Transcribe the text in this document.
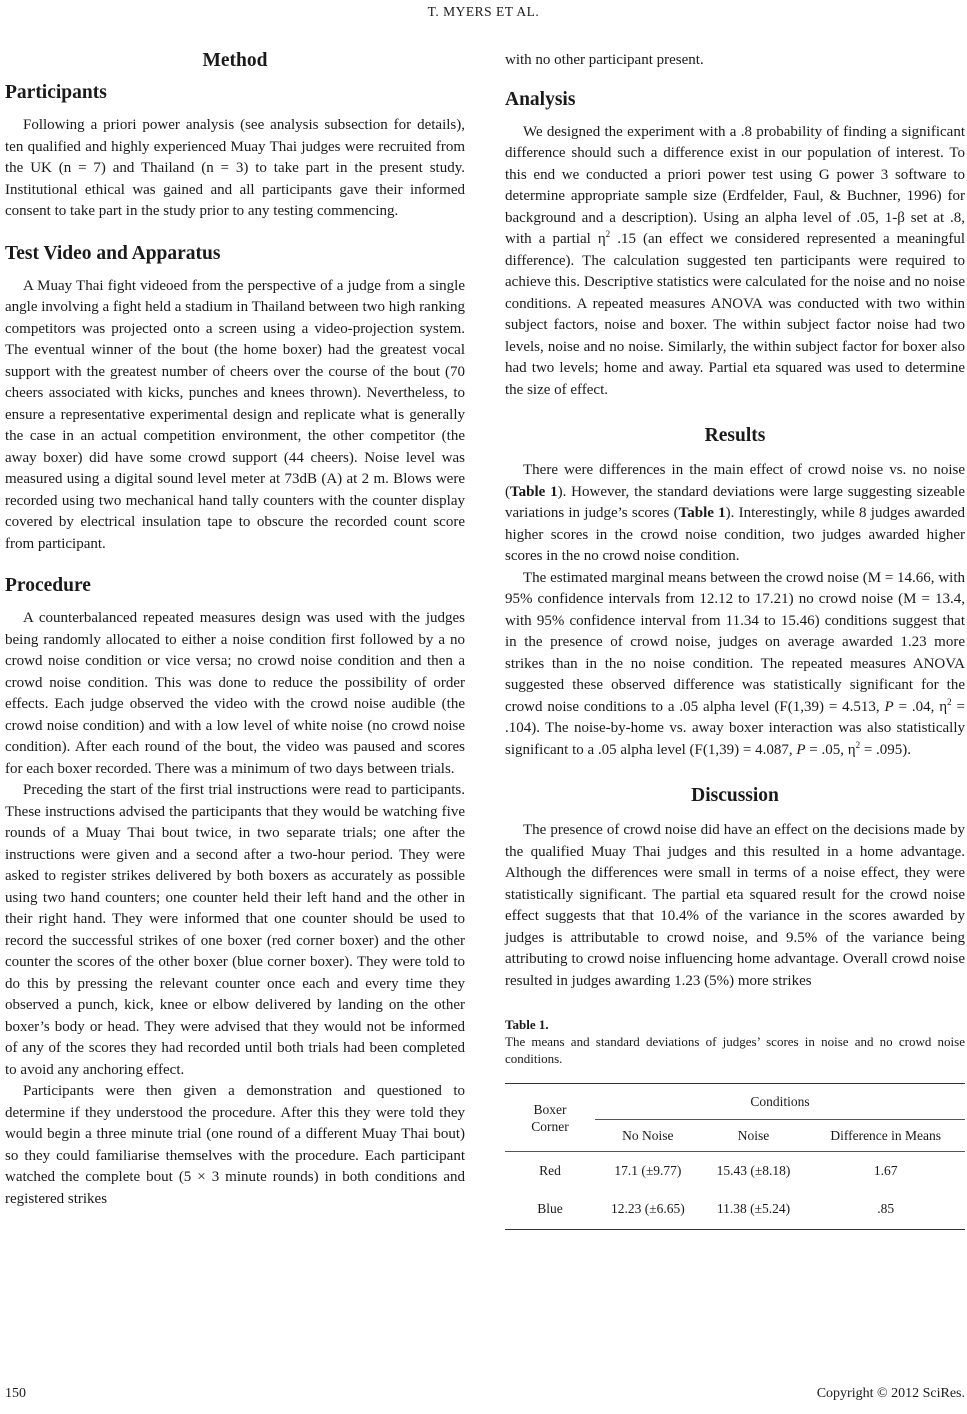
T. MYERS ET AL.
Method
Participants

Following a priori power analysis (see analysis subsection for details), ten qualified and highly experienced Muay Thai judges were recruited from the UK (n = 7) and Thailand (n = 3) to take part in the present study. Institutional ethical was gained and all participants gave their informed consent to take part in the study prior to any testing commencing.

Test Video and Apparatus

A Muay Thai fight videoed from the perspective of a judge from a single angle involving a fight held a stadium in Thailand between two high ranking competitors was projected onto a screen using a video-projection system. The eventual winner of the bout (the home boxer) had the greatest vocal support with the greatest number of cheers over the course of the bout (70 cheers associated with kicks, punches and knees thrown). Nevertheless, to ensure a representative experimental design and replicate what is generally the case in an actual competition environment, the other competitor (the away boxer) did have some crowd support (44 cheers). Noise level was measured using a digital sound level meter at 73dB (A) at 2 m. Blows were recorded using two mechanical hand tally counters with the counter display covered by electrical insulation tape to obscure the recorded count score from participant.

Procedure

A counterbalanced repeated measures design was used with the judges being randomly allocated to either a noise condition first followed by a no crowd noise condition or vice versa; no crowd noise condition and then a crowd noise condition. This was done to reduce the possibility of order effects. Each judge observed the video with the crowd noise audible (the crowd noise condition) and with a low level of white noise (no crowd noise condition). After each round of the bout, the video was paused and scores for each boxer recorded. There was a minimum of two days between trials.

Preceding the start of the first trial instructions were read to participants. These instructions advised the participants that they would be watching five rounds of a Muay Thai bout twice, in two separate trials; one after the instructions were given and a second after a two-hour period. They were asked to register strikes delivered by both boxers as accurately as possible using two hand counters; one counter held their left hand and the other in their right hand. They were informed that one counter should be used to record the successful strikes of one boxer (red corner boxer) and the other counter the scores of the other boxer (blue corner boxer). They were told to do this by pressing the relevant counter once each and every time they observed a punch, kick, knee or elbow delivered by landing on the other boxer’s body or head. They were advised that they would not be informed of any of the scores they had recorded until both trials had been completed to avoid any anchoring effect.

Participants were then given a demonstration and questioned to determine if they understood the procedure. After this they were told they would begin a three minute trial (one round of a different Muay Thai bout) so they could familiarise themselves with the procedure. Each participant watched the complete bout (5 × 3 minute rounds) in both conditions and registered strikes

with no other participant present.

Analysis

We designed the experiment with a .8 probability of finding a significant difference should such a difference exist in our population of interest. To this end we conducted a priori power test using G power 3 software to determine appropriate sample size (Erdfelder, Faul, & Buchner, 1996) for background and a description). Using an alpha level of .05, 1-β set at .8, with a partial $\eta^2$ .15 (an effect we considered represented a meaningful difference). The calculation suggested ten participants were required to achieve this. Descriptive statistics were calculated for the noise and no noise conditions. A repeated measures ANOVA was conducted with two within subject factors, noise and boxer. The within subject factor noise had two levels, noise and no noise. Similarly, the within subject factor for boxer also had two levels; home and away. Partial eta squared was used to determine the size of effect.

Results

There were differences in the main effect of crowd noise vs. no noise (Table 1). However, the standard deviations were large suggesting sizeable variations in judge’s scores (Table 1). Interestingly, while 8 judges awarded higher scores in the crowd noise condition, two judges awarded higher scores in the no crowd noise condition.

The estimated marginal means between the crowd noise (M = 14.66, with 95% confidence intervals from 12.12 to 17.21) no crowd noise (M = 13.4, with 95% confidence interval from 11.34 to 15.46) conditions suggest that in the presence of crowd noise, judges on average awarded 1.23 more strikes than in the no noise condition. The repeated measures ANOVA suggested these observed difference was statistically significant for the crowd noise conditions to a .05 alpha level (F(1,39) = 4.513, P = .04, $\eta^2 = .104$). The noise-by-home vs. away boxer interaction was also statistically significant to a .05 alpha level (F(1,39) = 4.087, P = .05, $\eta^2 = .095$).

Discussion

The presence of crowd noise did have an effect on the decisions made by the qualified Muay Thai judges and this resulted in a home advantage. Although the differences were small in terms of a noise effect, they were statistically significant. The partial eta squared result for the crowd noise effect suggests that that 10.4% of the variance in the scores awarded by judges is attributable to crowd noise, and 9.5% of the variance being attributing to crowd noise influencing home advantage. Overall crowd noise resulted in judges awarding 1.23 (5%) more strikes

Table 1.

The means and standard deviations of judges’ scores in noise and no crowd noise conditions.

Boxer
Corner	Conditions		
	No Noise	Noise	Difference in Means
Red	17.1 (±9.77)	15.43 (±8.18)	1.67
Blue	12.23 (±6.65)	11.38 (±5.24)	.85
150	Copyright © 2012 SciRes.
